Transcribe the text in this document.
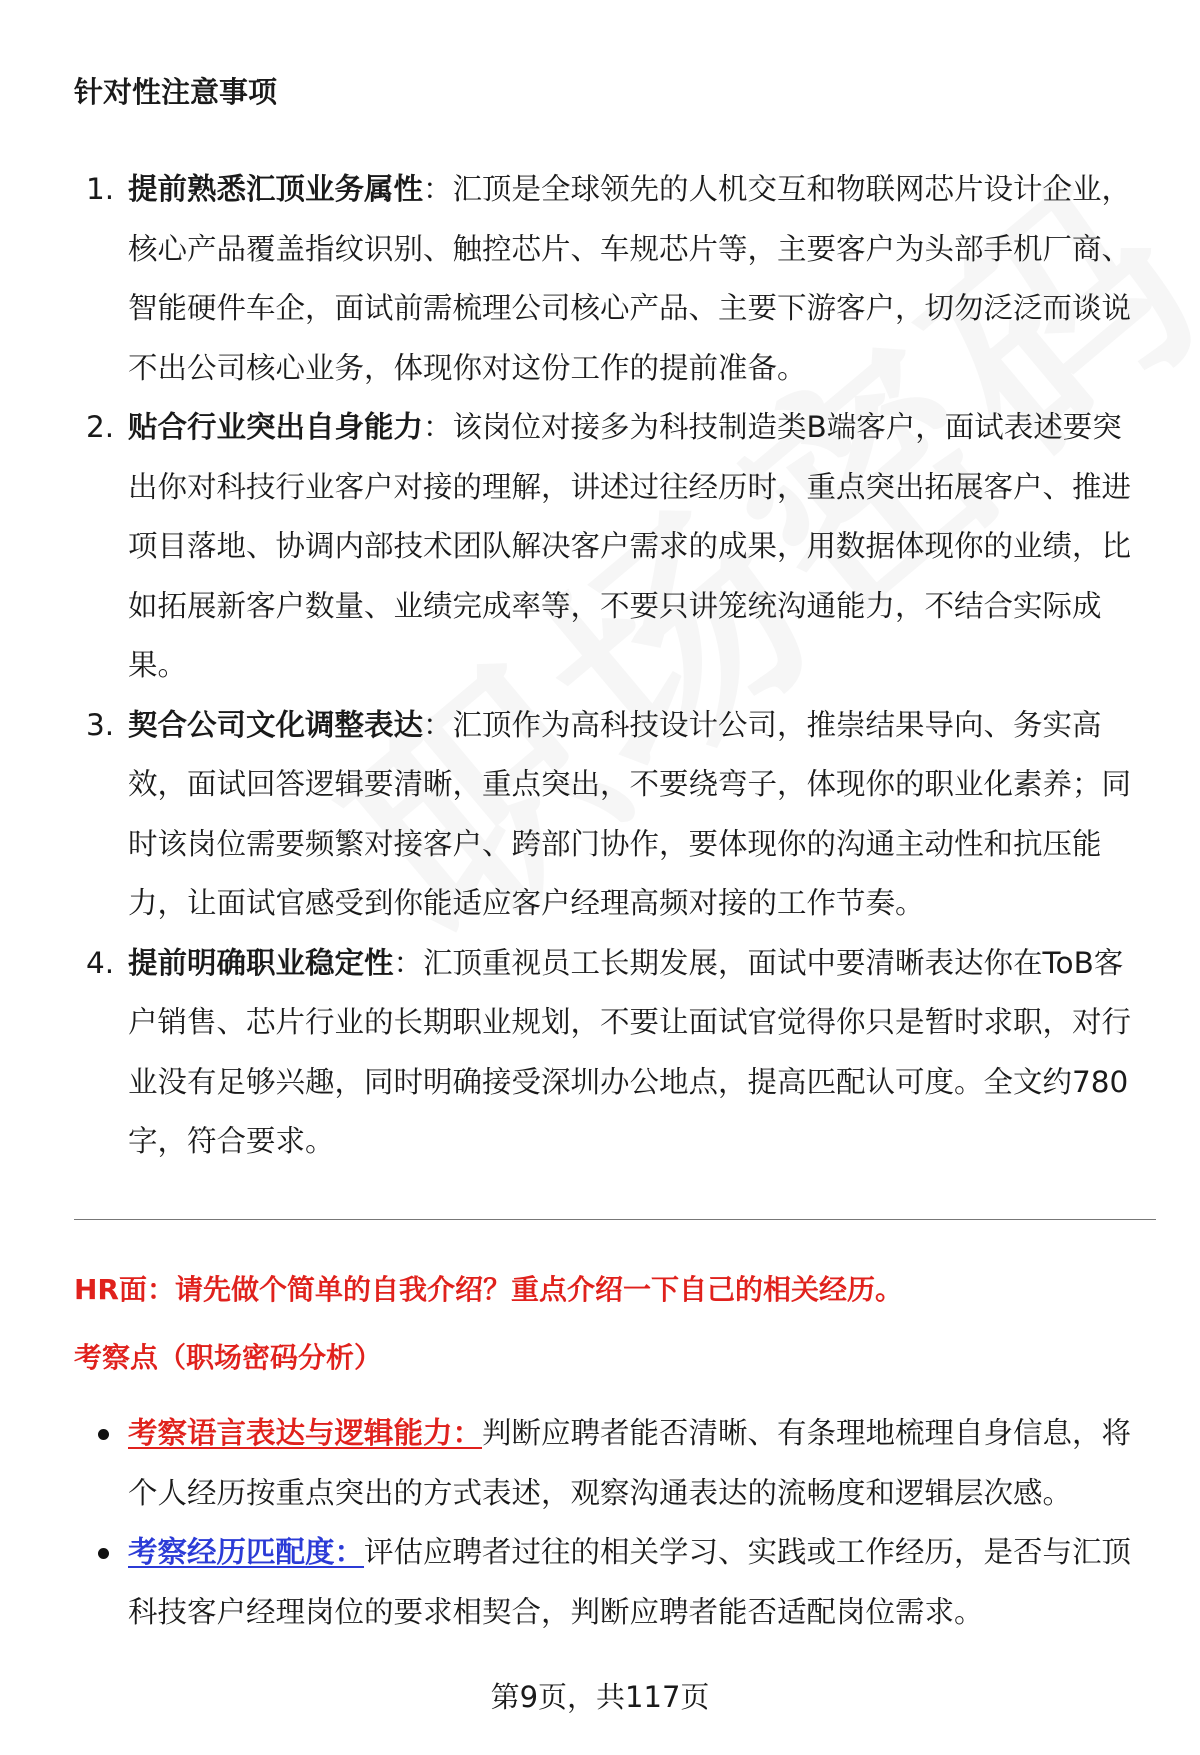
针对性注意事项
1. 提前熟悉汇顶业务属性：汇顶是全球领先的人机交互和物联网芯片设计企业，核心产品覆盖指纹识别、触控芯片、车规芯片等，主要客户为头部手机厂商、智能硬件车企，面试前需梳理公司核心产品、主要下游客户，切勿泛泛而谈说不出公司核心业务，体现你对这份工作的提前准备。
2. 贴合行业突出自身能力：该岗位对接多为科技制造类B端客户，面试表述要突出你对科技行业客户对接的理解，讲述过往经历时，重点突出拓展客户、推进项目落地、协调内部技术团队解决客户需求的成果，用数据体现你的业绩，比如拓展新客户数量、业绩完成率等，不要只讲笼统沟通能力，不结合实际成果。
3. 契合公司文化调整表达：汇顶作为高科技设计公司，推崇结果导向、务实高效，面试回答逻辑要清晰，重点突出，不要绕弯子，体现你的职业化素养；同时该岗位需要频繁对接客户、跨部门协作，要体现你的沟通主动性和抗压能力，让面试官感受到你能适应客户经理高频对接的工作节奏。
4. 提前明确职业稳定性：汇顶重视员工长期发展，面试中要清晰表达你在ToB客户销售、芯片行业的长期职业规划，不要让面试官觉得你只是暂时求职，对行业没有足够兴趣，同时明确接受深圳办公地点，提高匹配认可度。全文约780字，符合要求。
HR面：请先做个简单的自我介绍？重点介绍一下自己的相关经历。
考察点（职场密码分析）
考察语言表达与逻辑能力：判断应聘者能否清晰、有条理地梳理自身信息，将个人经历按重点突出的方式表述，观察沟通表达的流畅度和逻辑层次感。
考察经历匹配度：评估应聘者过往的相关学习、实践或工作经历，是否与汇顶科技客户经理岗位的要求相契合，判断应聘者能否适配岗位需求。
第9页，共117页
